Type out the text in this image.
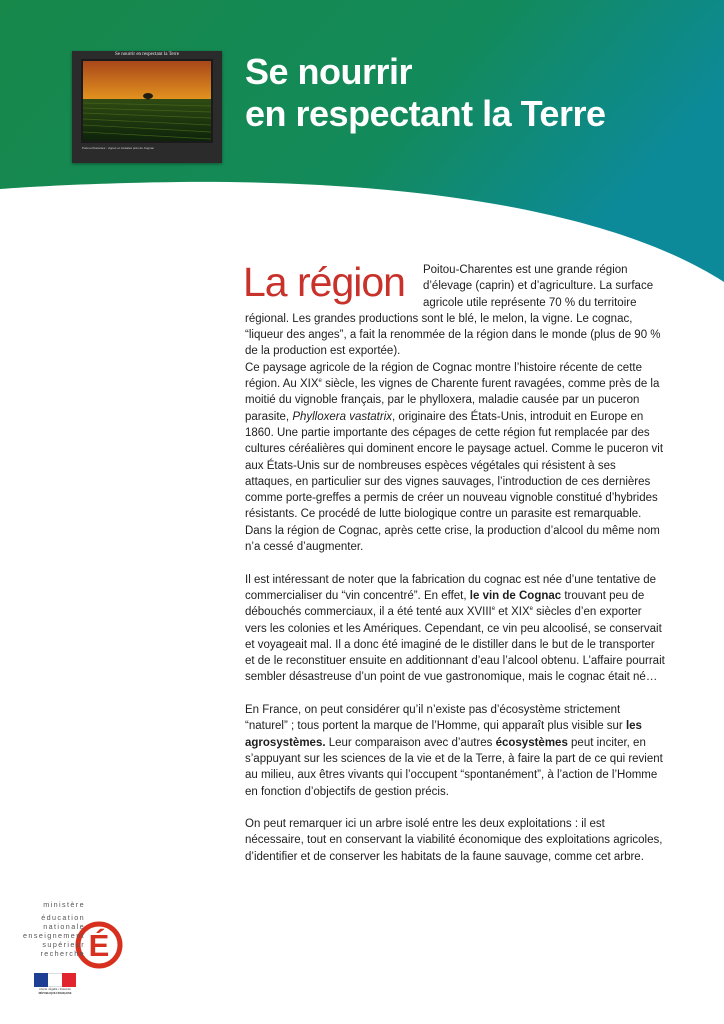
Se nourrir en respectant la Terre
Poitou-Charentes : vignes et céréales près de Cognac
Se nourrir
en respectant la Terre
La région	Poitou-Charentes est une grande région d’élevage (caprin) et d’agriculture. La surface agricole utile représente 70 % du territoire régional. Les grandes productions sont le blé, le melon, la vigne. Le cognac, “liqueur des anges”, a fait la renommée de la région dans le monde (plus de 90 % de la production est exportée).

Ce paysage agricole de la région de Cognac montre l’histoire récente de cette région. Au XIXe siècle, les vignes de Charente furent ravagées, comme près de la moitié du vignoble français, par le phylloxera, maladie causée par un puceron parasite, Phylloxera vastatrix, originaire des États-Unis, introduit en Europe en 1860. Une partie importante des cépages de cette région fut remplacée par des cultures céréalières qui dominent encore le paysage actuel. Comme le puceron vit aux États-Unis sur de nombreuses espèces végétales qui résistent à ses attaques, en particulier sur des vignes sauvages, l’introduction de ces dernières comme porte-greffes a permis de créer un nouveau vignoble constitué d’hybrides résistants. Ce procédé de lutte biologique contre un parasite est remarquable. Dans la région de Cognac, après cette crise, la production d’alcool du même nom n’a cessé d’augmenter.

Il est intéressant de noter que la fabrication du cognac est née d’une tentative de commercialiser du “vin concentré”. En effet, le vin de Cognac trouvant peu de débouchés commerciaux, il a été tenté aux XVIIIe et XIXe siècles d’en exporter vers les colonies et les Amériques. Cependant, ce vin peu alcoolisé, se conservait et voyageait mal. Il a donc été imaginé de le distiller dans le but de le transporter et de le reconstituer ensuite en additionnant d’eau l’alcool obtenu. L’affaire pourrait sembler désastreuse d’un point de vue gastronomique, mais le cognac était né…

En France, on peut considérer qu’il n’existe pas d’écosystème strictement “naturel” ; tous portent la marque de l’Homme, qui apparaît plus visible sur les agrosystèmes. Leur comparaison avec d’autres écosystèmes peut inciter, en s’appuyant sur les sciences de la vie et de la Terre, à faire la part de ce qui revient au milieu, aux êtres vivants qui l’occupent “spontanément”, à l’action de l’Homme en fonction d’objectifs de gestion précis.

On peut remarquer ici un arbre isolé entre les deux exploitations : il est nécessaire, tout en conservant la viabilité économique des exploitations agricoles, d’identifier et de conserver les habitats de la faune sauvage, comme cet arbre.

É
ministère
éducation
nationale
enseignement
supérieur
recherche
Liberté • Égalité • Fraternité
RÉPUBLIQUE FRANÇAISE
